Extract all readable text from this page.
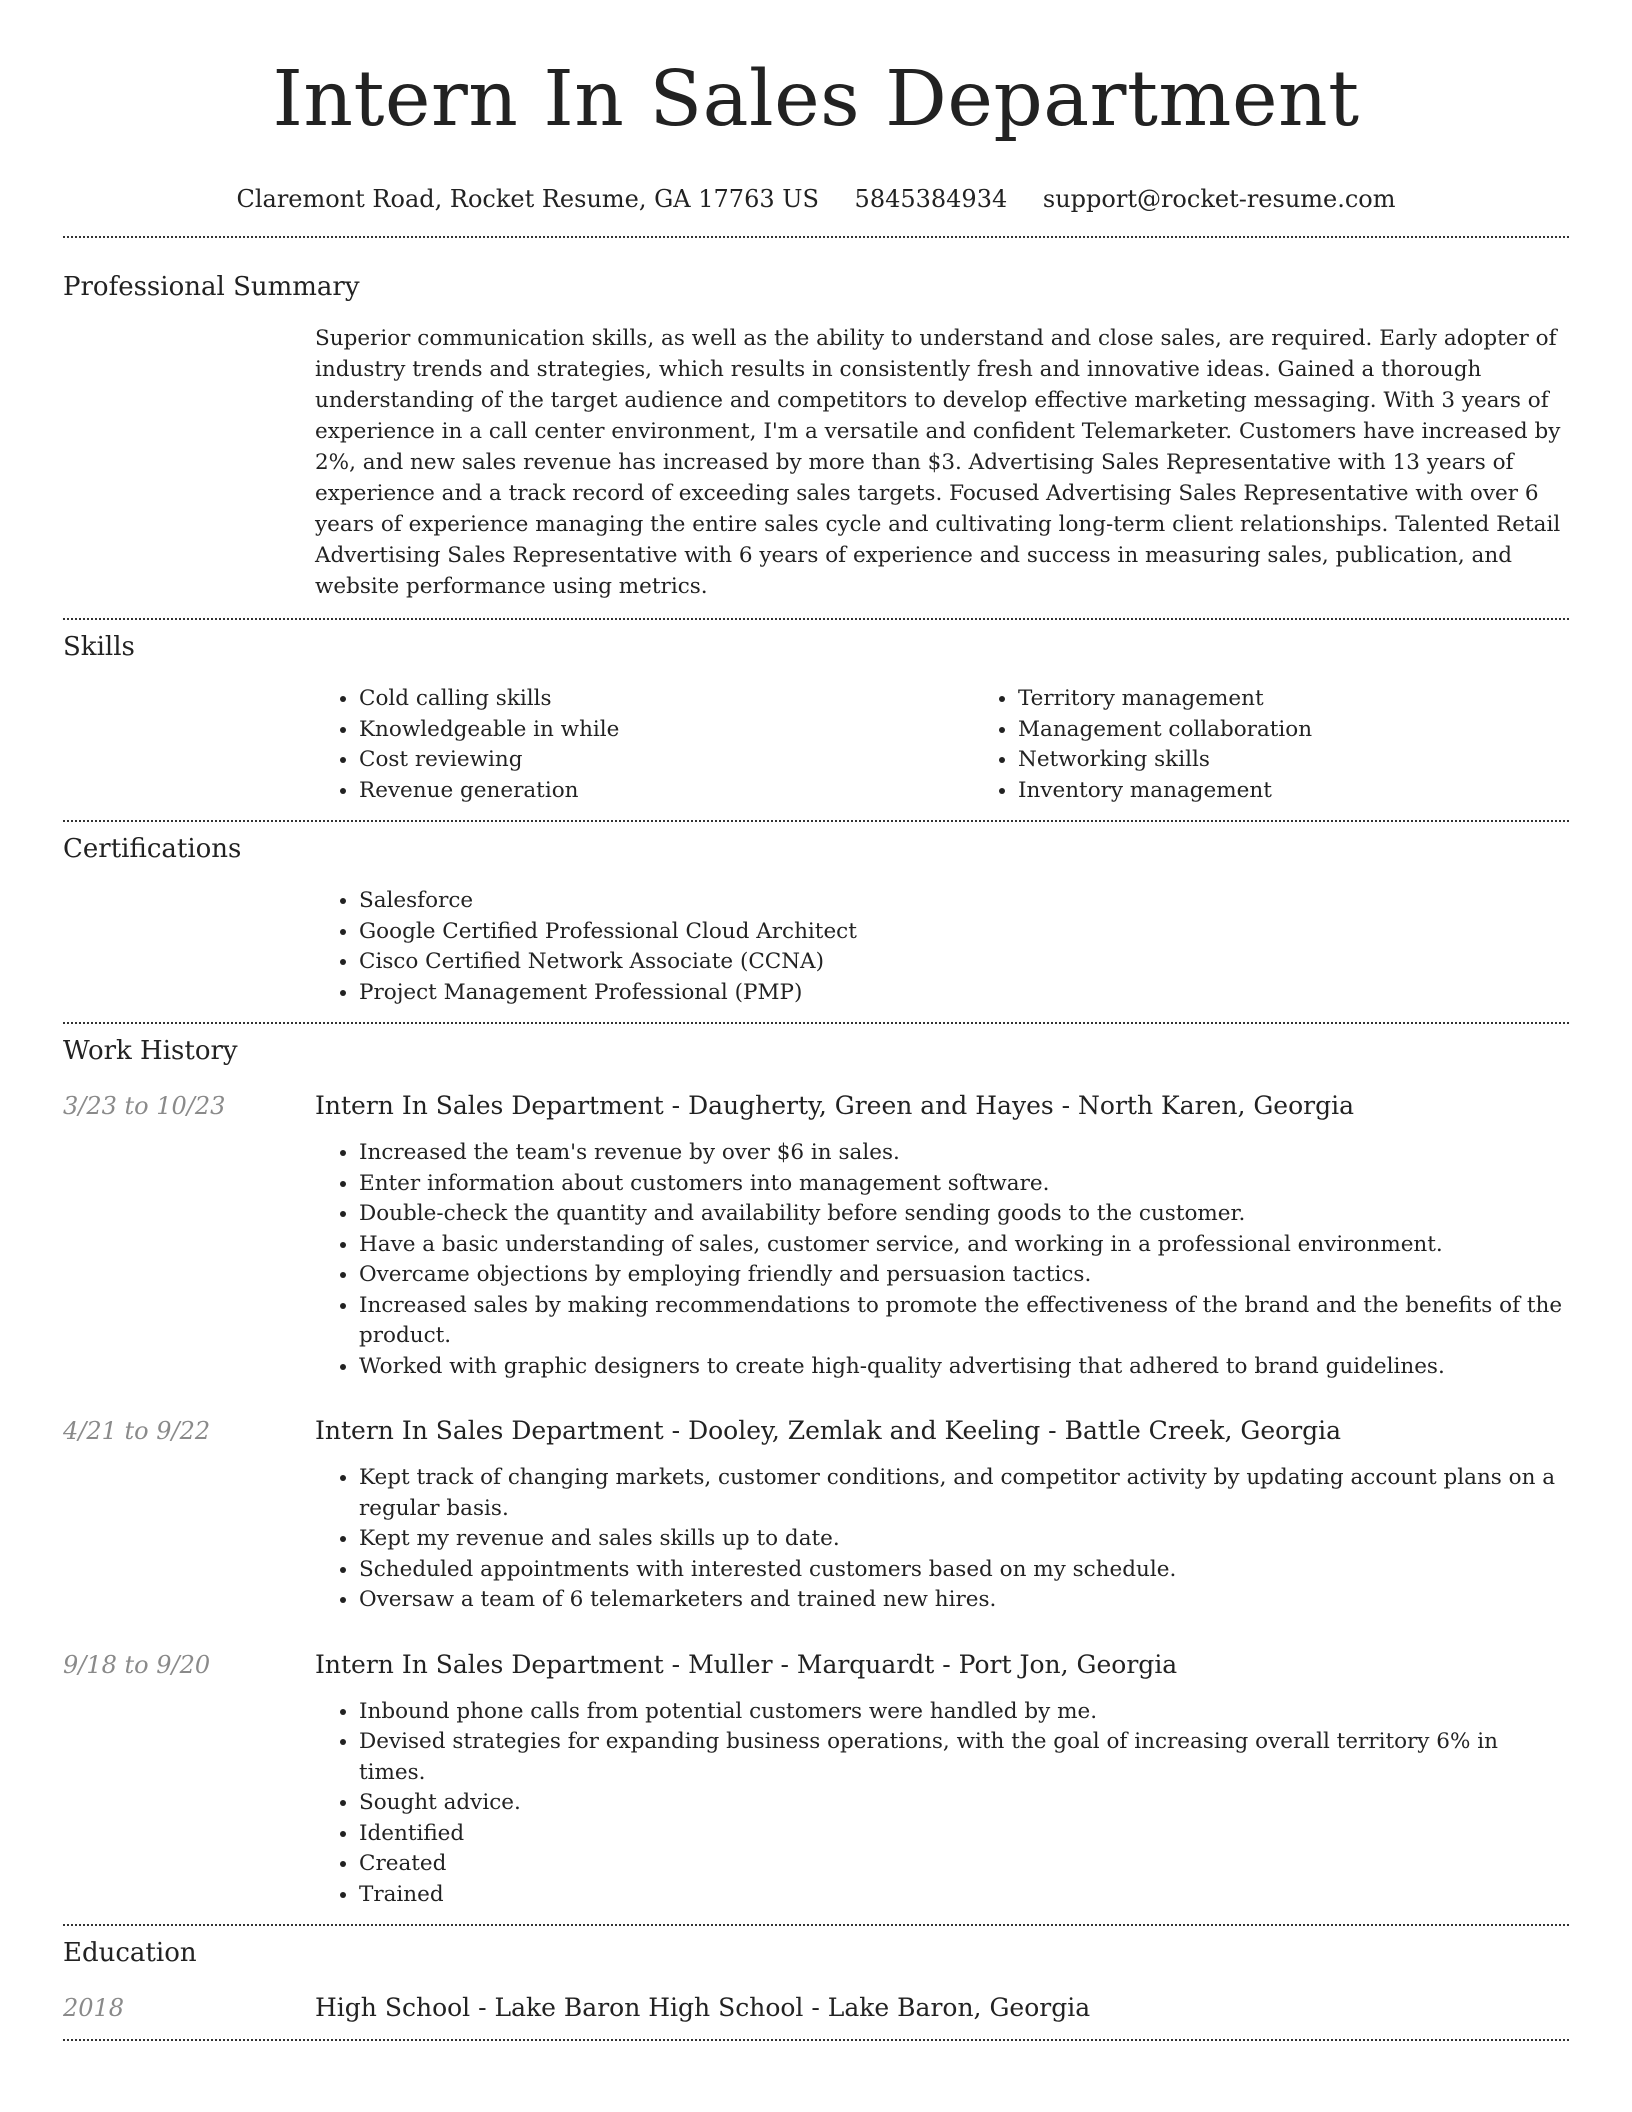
Intern In Sales Department
Claremont Road, Rocket Resume, GA 17763 US 5845384934 support@rocket-resume.com
Professional Summary

Superior communication skills, as well as the ability to understand and close sales, are required. Early adopter of industry trends and strategies, which results in consistently fresh and innovative ideas. Gained a thorough understanding of the target audience and competitors to develop effective marketing messaging. With 3 years of experience in a call center environment, I'm a versatile and confident Telemarketer. Customers have increased by 2%, and new sales revenue has increased by more than $3. Advertising Sales Representative with 13 years of experience and a track record of exceeding sales targets. Focused Advertising Sales Representative with over 6 years of experience managing the entire sales cycle and cultivating long-term client relationships. Talented Retail Advertising Sales Representative with 6 years of experience and success in measuring sales, publication, and website performance using metrics.

Skills
• Cold calling skills
• Knowledgeable in while
• Cost reviewing
• Revenue generation
• Territory management
• Management collaboration
• Networking skills
• Inventory management
Certifications
• Salesforce
• Google Certified Professional Cloud Architect
• Cisco Certified Network Associate (CCNA)
• Project Management Professional (PMP)
Work History
3/23 to 10/23	Intern In Sales Department - Daugherty, Green and Hayes - North Karen, Georgia
• Increased the team's revenue by over $6 in sales.
• Enter information about customers into management software.
• Double-check the quantity and availability before sending goods to the customer.
• Have a basic understanding of sales, customer service, and working in a professional environment.
• Overcame objections by employing friendly and persuasion tactics.
• Increased sales by making recommendations to promote the effectiveness of the brand and the benefits of the product.
• Worked with graphic designers to create high-quality advertising that adhered to brand guidelines.
4/21 to 9/22	Intern In Sales Department - Dooley, Zemlak and Keeling - Battle Creek, Georgia
• Kept track of changing markets, customer conditions, and competitor activity by updating account plans on a regular basis.
• Kept my revenue and sales skills up to date.
• Scheduled appointments with interested customers based on my schedule.
• Oversaw a team of 6 telemarketers and trained new hires.
9/18 to 9/20	Intern In Sales Department - Muller - Marquardt - Port Jon, Georgia
• Inbound phone calls from potential customers were handled by me.
• Devised strategies for expanding business operations, with the goal of increasing overall territory 6% in times.
• Sought advice.
• Identified
• Created
• Trained
Education
2018	High School - Lake Baron High School - Lake Baron, Georgia
